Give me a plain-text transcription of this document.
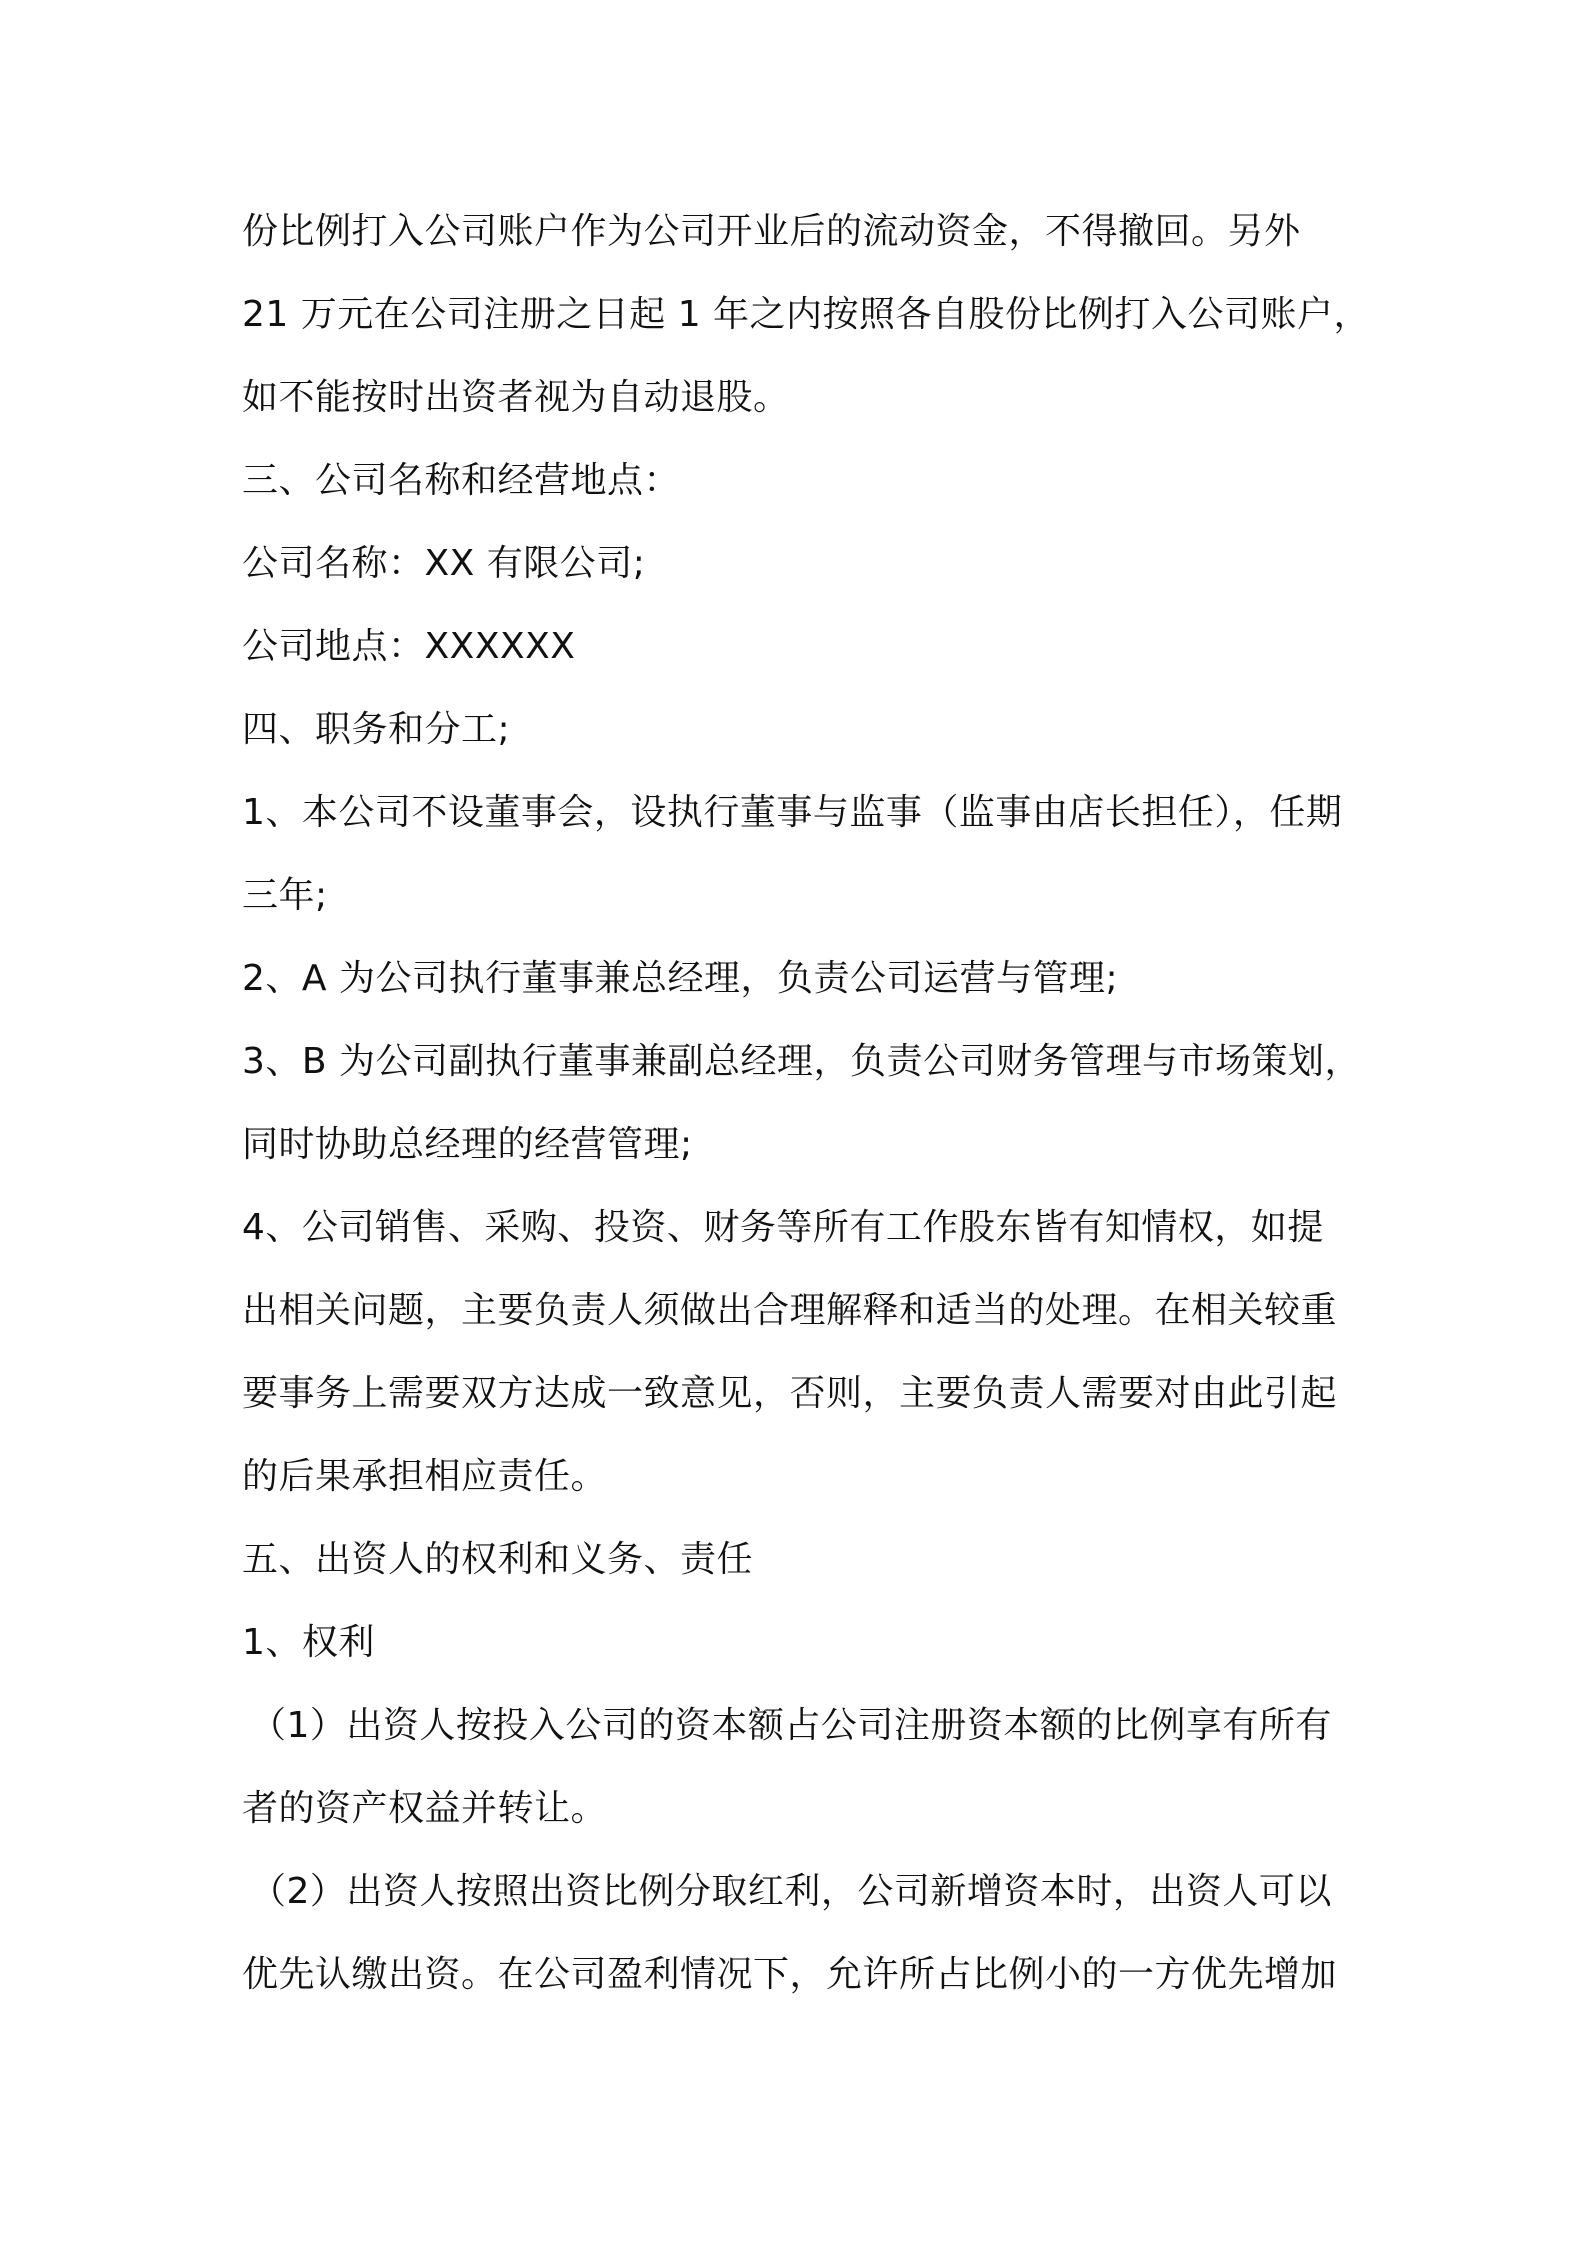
份比例打入公司账户作为公司开业后的流动资金，不得撤回。另外
21 万元在公司注册之日起 1 年之内按照各自股份比例打入公司账户，
如不能按时出资者视为自动退股。
三、公司名称和经营地点：
公司名称：XX 有限公司;
公司地点：XXXXXX
四、职务和分工;
1、本公司不设董事会，设执行董事与监事（监事由店长担任），任期
三年;
2、A 为公司执行董事兼总经理，负责公司运营与管理;
3、B 为公司副执行董事兼副总经理，负责公司财务管理与市场策划，
同时协助总经理的经营管理;
4、公司销售、采购、投资、财务等所有工作股东皆有知情权，如提
出相关问题，主要负责人须做出合理解释和适当的处理。在相关较重
要事务上需要双方达成一致意见，否则，主要负责人需要对由此引起
的后果承担相应责任。
五、出资人的权利和义务、责任
1、权利
（1）出资人按投入公司的资本额占公司注册资本额的比例享有所有
者的资产权益并转让。
（2）出资人按照出资比例分取红利，公司新增资本时，出资人可以
优先认缴出资。在公司盈利情况下，允许所占比例小的一方优先增加
